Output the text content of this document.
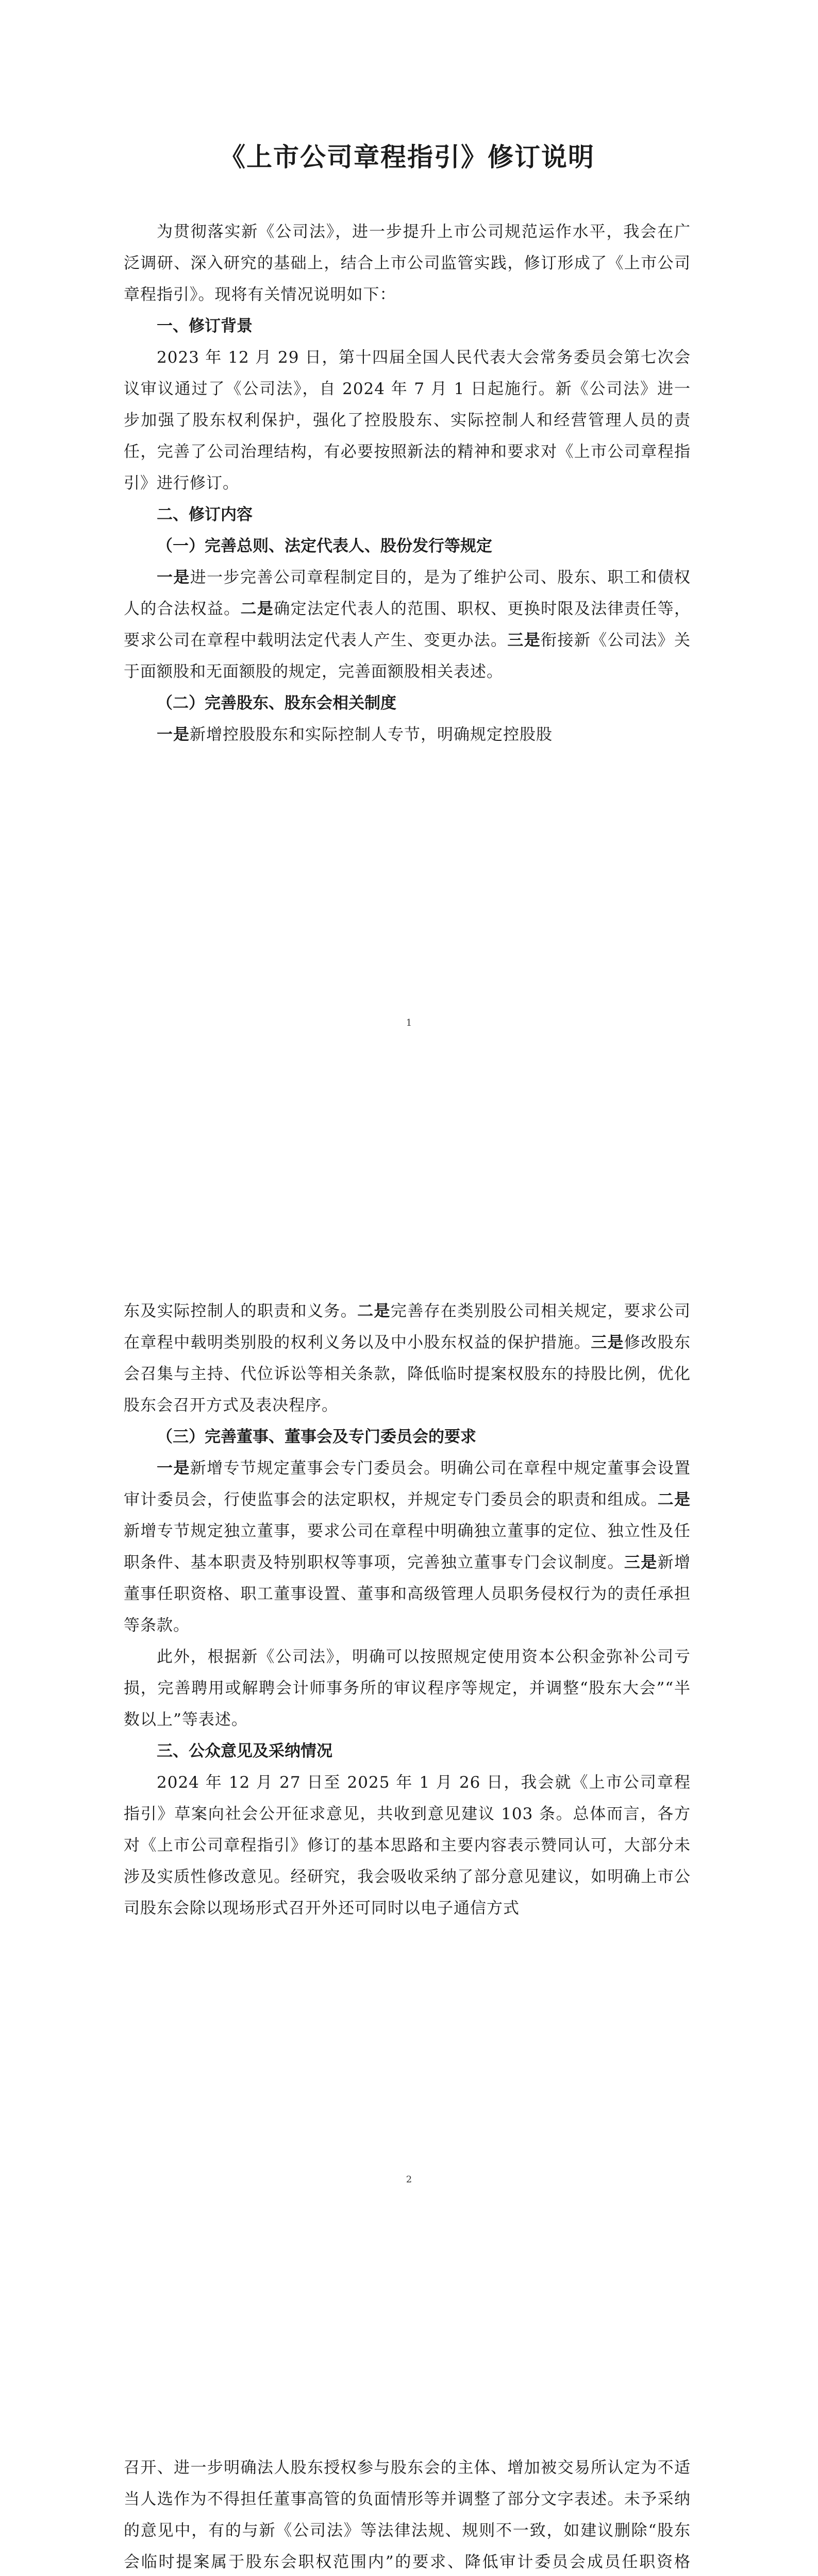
《上市公司章程指引》修订说明

为贯彻落实新《公司法》，进一步提升上市公司规范运作水平，我会在广泛调研、深入研究的基础上，结合上市公司监管实践，修订形成了《上市公司章程指引》。现将有关情况说明如下：

一、修订背景

2023 年 12 月 29 日，第十四届全国人民代表大会常务委员会第七次会议审议通过了《公司法》，自 2024 年 7 月 1 日起施行。新《公司法》进一步加强了股东权利保护，强化了控股股东、实际控制人和经营管理人员的责任，完善了公司治理结构，有必要按照新法的精神和要求对《上市公司章程指引》进行修订。

二、修订内容

（一）完善总则、法定代表人、股份发行等规定

一是进一步完善公司章程制定目的，是为了维护公司、股东、职工和债权人的合法权益。二是确定法定代表人的范围、职权、更换时限及法律责任等，要求公司在章程中载明法定代表人产生、变更办法。三是衔接新《公司法》关于面额股和无面额股的规定，完善面额股相关表述。

（二）完善股东、股东会相关制度

一是新增控股股东和实际控制人专节，明确规定控股股

1

东及实际控制人的职责和义务。二是完善存在类别股公司相关规定，要求公司在章程中载明类别股的权利义务以及中小股东权益的保护措施。三是修改股东会召集与主持、代位诉讼等相关条款，降低临时提案权股东的持股比例，优化股东会召开方式及表决程序。

（三）完善董事、董事会及专门委员会的要求

一是新增专节规定董事会专门委员会。明确公司在章程中规定董事会设置审计委员会，行使监事会的法定职权，并规定专门委员会的职责和组成。二是新增专节规定独立董事，要求公司在章程中明确独立董事的定位、独立性及任职条件、基本职责及特别职权等事项，完善独立董事专门会议制度。三是新增董事任职资格、职工董事设置、董事和高级管理人员职务侵权行为的责任承担等条款。

此外，根据新《公司法》，明确可以按照规定使用资本公积金弥补公司亏损，完善聘用或解聘会计师事务所的审议程序等规定，并调整“股东大会”“半数以上”等表述。

三、公众意见及采纳情况

2024 年 12 月 27 日至 2025 年 1 月 26 日，我会就《上市公司章程指引》草案向社会公开征求意见，共收到意见建议 103 条。总体而言，各方对《上市公司章程指引》修订的基本思路和主要内容表示赞同认可，大部分未涉及实质性修改意见。经研究，我会吸收采纳了部分意见建议，如明确上市公司股东会除以现场形式召开外还可同时以电子通信方式

2

召开、进一步明确法人股东授权参与股东会的主体、增加被交易所认定为不适当人选作为不得担任董事高管的负面情形等并调整了部分文字表述。未予采纳的意见中，有的与新《公司法》等法律法规、规则不一致，如建议删除“股东会临时提案属于股东会职权范围内”的要求、降低审计委员会成员任职资格
